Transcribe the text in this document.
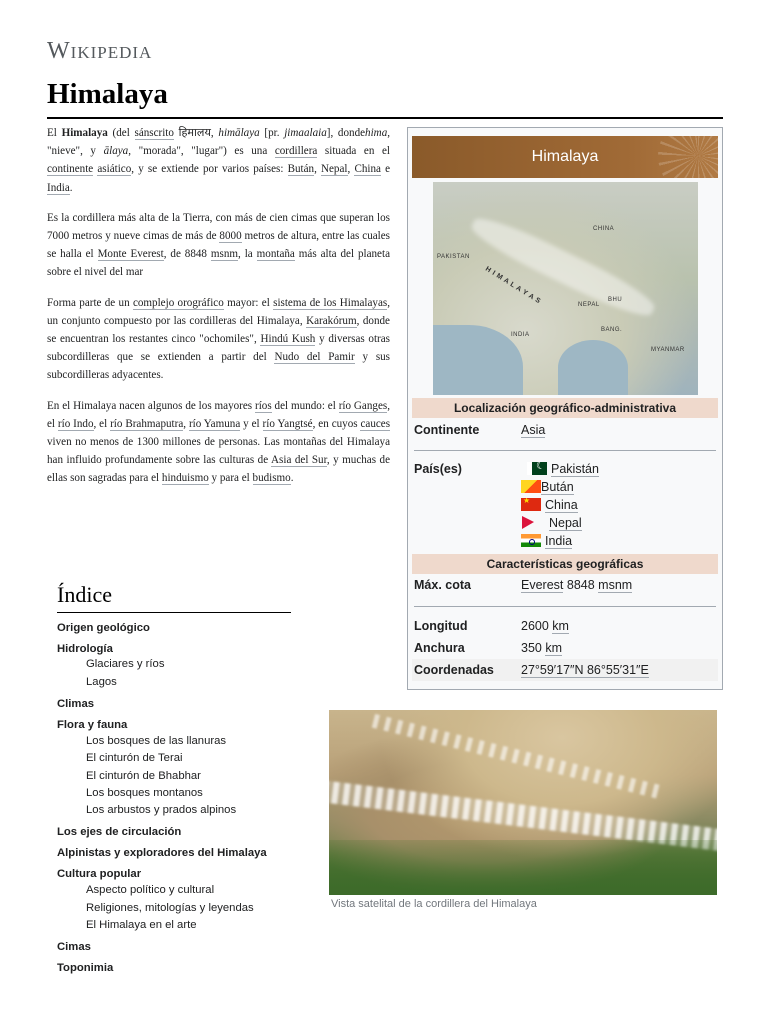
Wikipedia
Himalaya

El Himalaya (del sánscrito हिमालय, himālaya [pr. jimaalaia], dondehima, "nieve", y ālaya, "morada", "lugar") es una cordillera situada en el continente asiático, y se extiende por varios países: Bután, Nepal, China e India.

Es la cordillera más alta de la Tierra, con más de cien cimas que superan los 7000 metros y nueve cimas de más de 8000 metros de altura, entre las cuales se halla el Monte Everest, de 8848 msnm, la montaña más alta del planeta sobre el nivel del mar

Forma parte de un complejo orográfico mayor: el sistema de los Himalayas, un conjunto compuesto por las cordilleras del Himalaya, Karakórum, donde se encuentran los restantes cinco "ochomiles", Hindú Kush y diversas otras subcordilleras que se extienden a partir del Nudo del Pamir y sus subcordilleras adyacentes.

En el Himalaya nacen algunos de los mayores ríos del mundo: el río Ganges, el río Indo, el río Brahmaputra, río Yamuna y el río Yangtsé, en cuyos cauces viven no menos de 1300 millones de personas. Las montañas del Himalaya han influido profundamente sobre las culturas de Asia del Sur, y muchas de ellas son sagradas para el hinduismo y para el budismo.

Himalaya
CHINA
PAKISTAN
H I M A L A Y A S
INDIA
NEPAL
BHU
BANG.
MYANMAR
Localización geográfico-administrativa
Continente	Asia
País(es)
☾	Pakistán
Bután
★China
Nepal
India
Características geográficas
Máx. cota	Everest 8848 msnm
Longitud	2600 km
Anchura	350 km
Coordenadas 27°59′17″N 86°55′31″E
Índice
Origen geológico
Hidrología
Glaciares y ríos
Lagos
Climas
Flora y fauna
Los bosques de las llanuras
El cinturón de Terai
El cinturón de Bhabhar
Los bosques montanos
Los arbustos y prados alpinos
Los ejes de circulación
Alpinistas y exploradores del Himalaya
Cultura popular
Aspecto político y cultural
Religiones, mitologías y leyendas
El Himalaya en el arte
Cimas
Toponimia
Vista satelital de la cordillera del Himalaya
